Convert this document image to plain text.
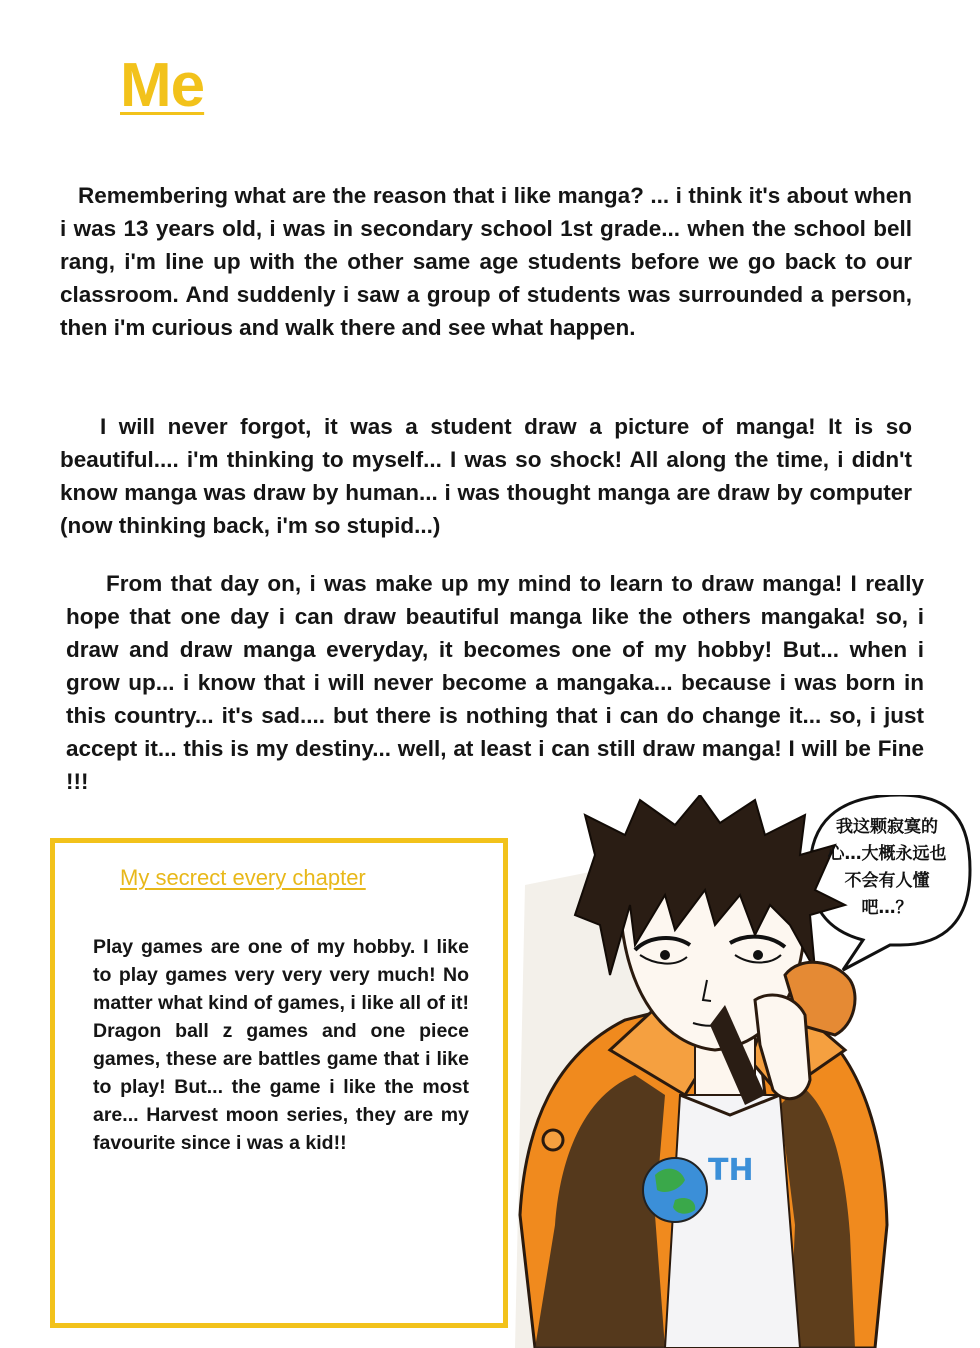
Me

Remembering what are the reason that i like manga? ... i think it's about when i was 13 years old, i was in secondary school 1st grade... when the school bell rang, i'm line up with the other same age students before we go back to our classroom. And suddenly i saw a group of students was surrounded a person, then i'm curious and walk there and see what happen.

I will never forgot, it was a student draw a picture of manga! It is so beautiful.... i'm thinking to myself... I was so shock! All along the time, i didn't know manga was draw by human... i was thought manga are draw by computer (now thinking back, i'm so stupid...)

From that day on, i was make up my mind to learn to draw manga! I really hope that one day i can draw beautiful manga like the others mangaka! so, i draw and draw manga everyday, it becomes one of my hobby! But... when i grow up... i know that i will never become a mangaka... because i was born in this country... it's sad.... but there is nothing that i can do change it... so, i just accept it... this is my destiny... well, at least i can still draw manga! I will be Fine !!!

My secrect every chapter

Play games are one of my hobby. I like to play games very very very much! No matter what kind of games, i like all of it! Dragon ball z games and one piece games, these are battles game that i like to play! But... the game i like the most are... Harvest moon series, they are my favourite since i was a kid!!

TH
我这颗寂寞的心…大概永远也不会有人懂吧…？
